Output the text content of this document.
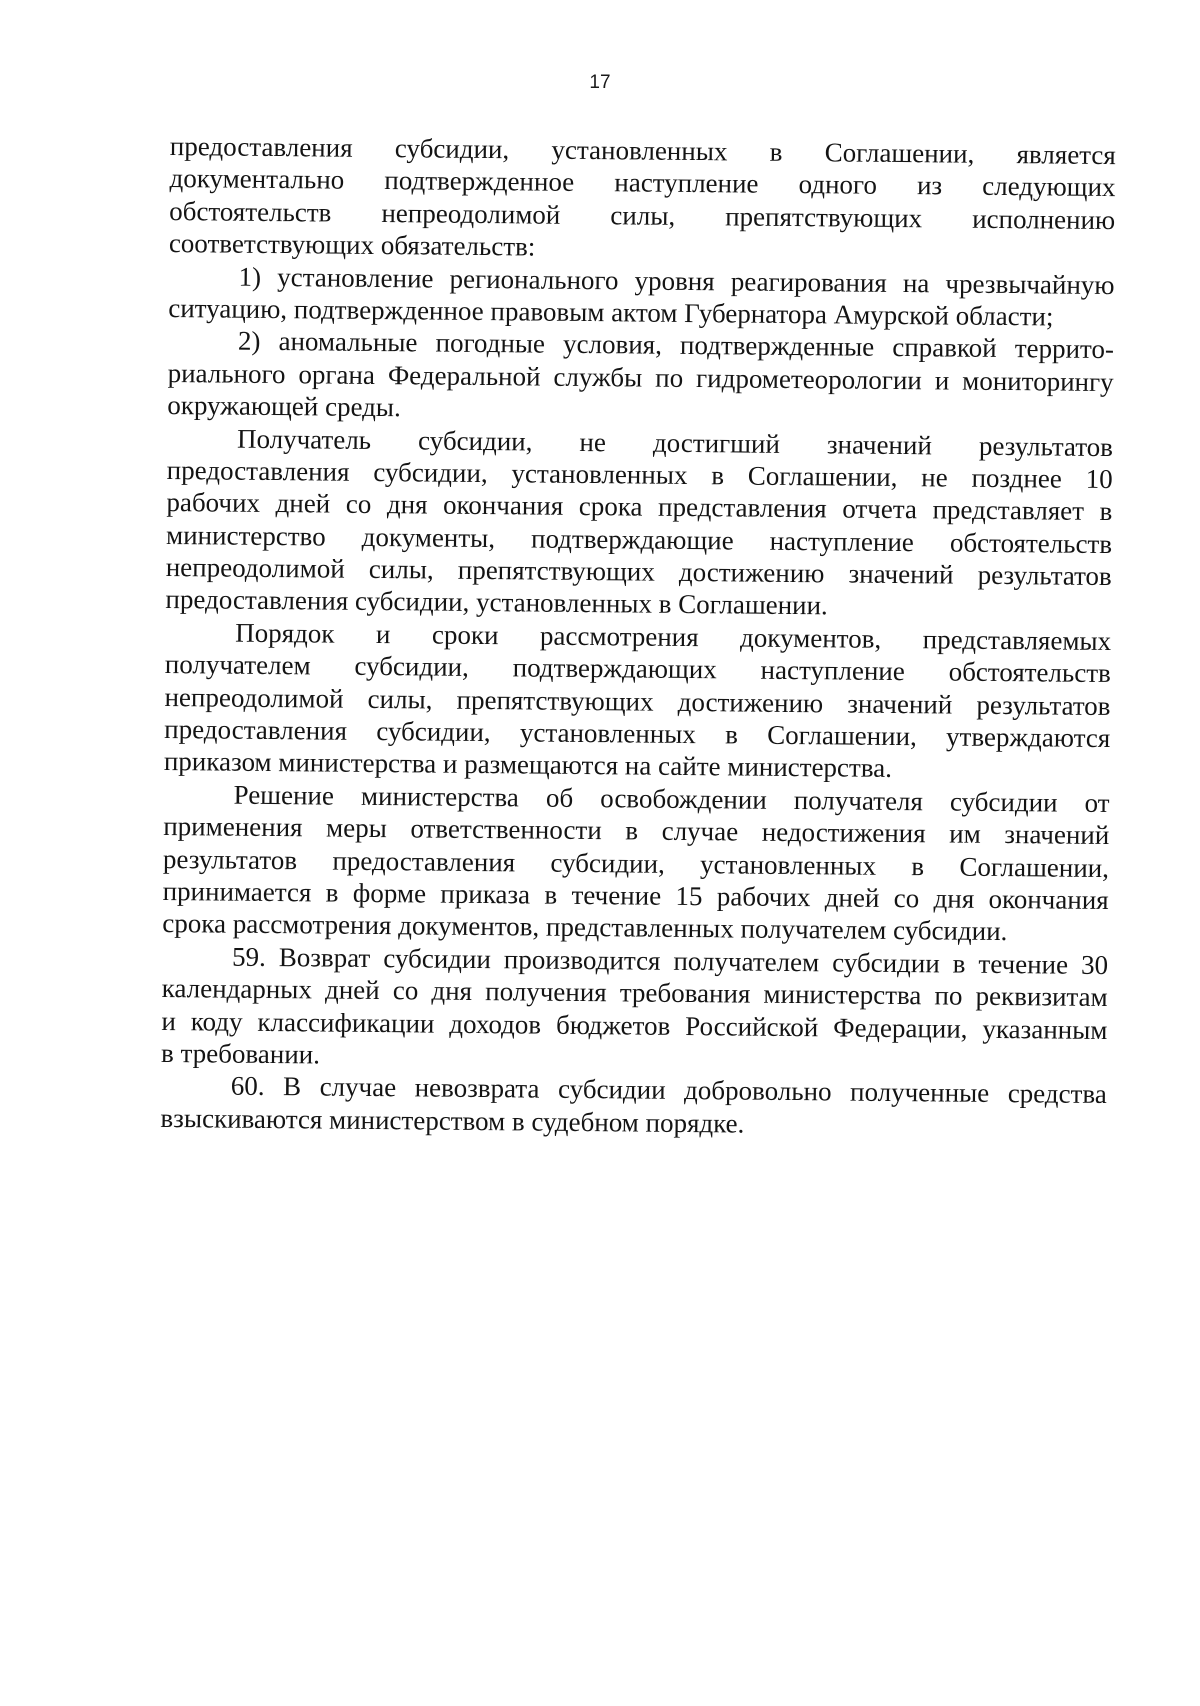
17
предоставления субсидии, установленных в Соглашении, является
документально подтвержденное наступление одного из следующих
обстоятельств непреодолимой силы, препятствующих исполнению
соответствующих обязательств:
1) установление регионального уровня реагирования на чрезвычайную
ситуацию, подтвержденное правовым актом Губернатора Амурской области;
2) аномальные погодные условия, подтвержденные справкой террито-
риального органа Федеральной службы по гидрометеорологии и мониторингу
окружающей среды.
Получатель субсидии, не достигший значений результатов
предоставления субсидии, установленных в Соглашении, не позднее 10
рабочих дней со дня окончания срока представления отчета представляет в
министерство документы, подтверждающие наступление обстоятельств
непреодолимой силы, препятствующих достижению значений результатов
предоставления субсидии, установленных в Соглашении.
Порядок и сроки рассмотрения документов, представляемых
получателем субсидии, подтверждающих наступление обстоятельств
непреодолимой силы, препятствующих достижению значений результатов
предоставления субсидии, установленных в Соглашении, утверждаются
приказом министерства и размещаются на сайте министерства.
Решение министерства об освобождении получателя субсидии от
применения меры ответственности в случае недостижения им значений
результатов предоставления субсидии, установленных в Соглашении,
принимается в форме приказа в течение 15 рабочих дней со дня окончания
срока рассмотрения документов, представленных получателем субсидии.
59. Возврат субсидии производится получателем субсидии в течение 30
календарных дней со дня получения требования министерства по реквизитам
и коду классификации доходов бюджетов Российской Федерации, указанным
в требовании.
60. В случае невозврата субсидии добровольно полученные средства
взыскиваются министерством в судебном порядке.
